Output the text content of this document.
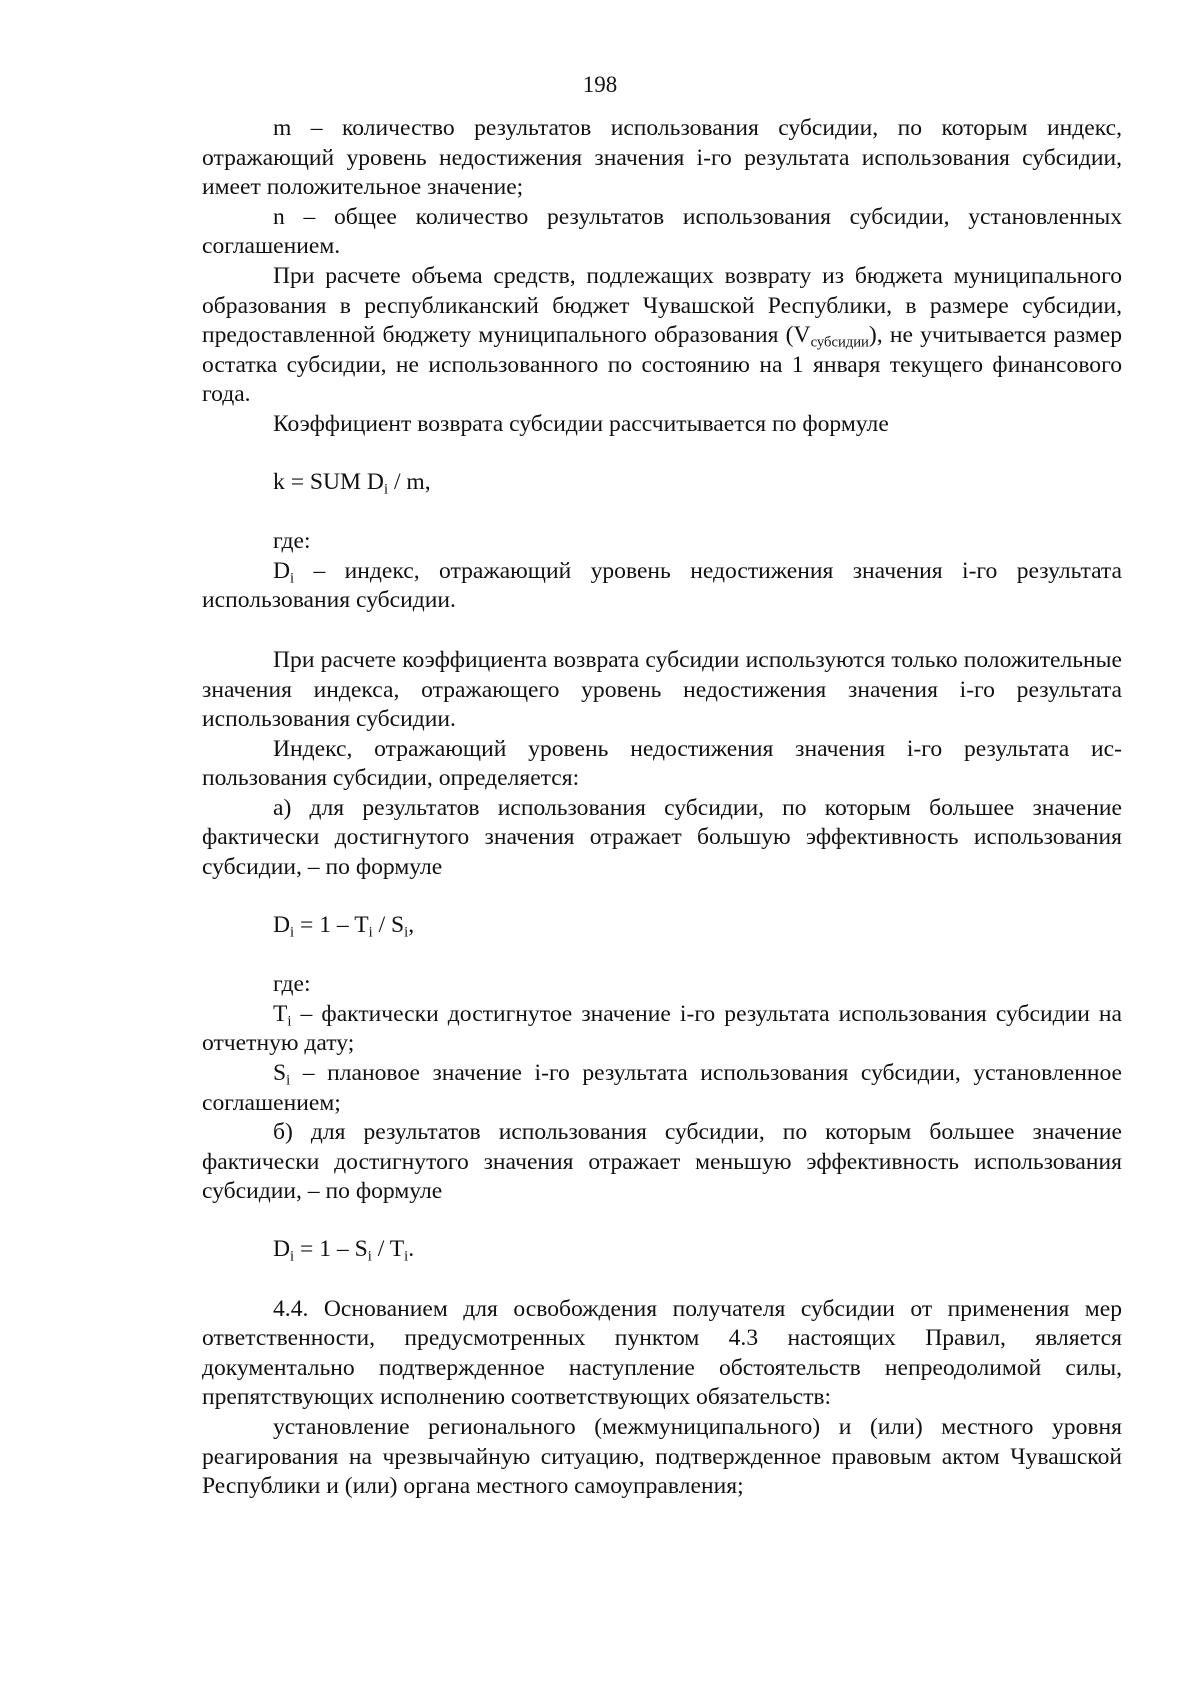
198

m – количество результатов использования субсидии, по которым индекс, отражающий уровень недостижения значения i-го результата использования субсидии, имеет положительное значение;

n – общее количество результатов использования субсидии, установленных соглашением.

При расчете объема средств, подлежащих возврату из бюджета муниципального образования в республиканский бюджет Чувашской Республики, в размере субсидии, предоставленной бюджету муниципального образования $(V_{субсидии})$, не учитывается размер остатка субсидии, не использованного по состоянию на 1 января текущего финансового года.

Коэффициент возврата субсидии рассчитывается по формуле

k = SUM $D_i$ / m,

где:

$D_i$ – индекс, отражающий уровень недостижения значения i-го результата использования субсидии.

При расчете коэффициента возврата субсидии используются только положительные значения индекса, отражающего уровень недостижения значения i-го результата использования субсидии.

Индекс, отражающий уровень недостижения значения i-го результата использования субсидии, определяется:

а) для результатов использования субсидии, по которым большее значение фактически достигнутого значения отражает большую эффективность использования субсидии, – по формуле

$D_i = 1 - T_i / S_i$,

где:

$T_i$ – фактически достигнутое значение i-го результата использования субсидии на отчетную дату;

$S_i$ – плановое значение i-го результата использования субсидии, установленное соглашением;

б) для результатов использования субсидии, по которым большее значение фактически достигнутого значения отражает меньшую эффективность использования субсидии, – по формуле

$D_i = 1 - S_i / T_i$.

4.4. Основанием для освобождения получателя субсидии от применения мер ответственности, предусмотренных пунктом 4.3 настоящих Правил, является документально подтвержденное наступление обстоятельств непреодолимой силы, препятствующих исполнению соответствующих обязательств:

установление регионального (межмуниципального) и (или) местного уровня реагирования на чрезвычайную ситуацию, подтвержденное правовым актом Чувашской Республики и (или) органа местного самоуправления;
